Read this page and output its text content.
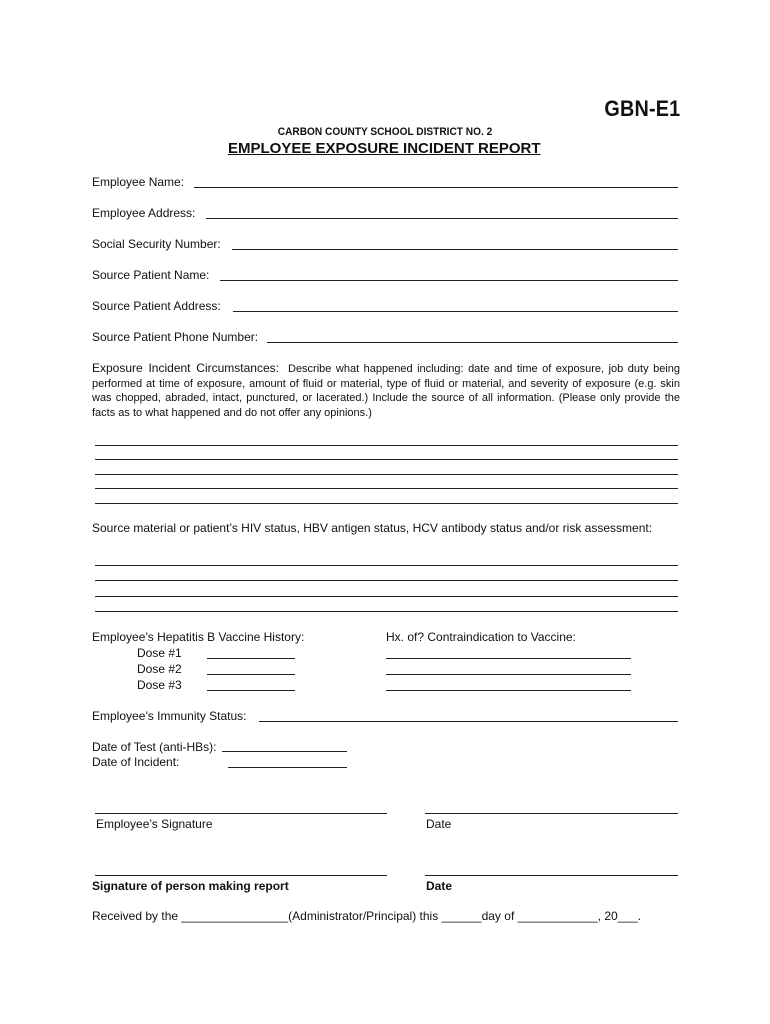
GBN-E1
CARBON COUNTY SCHOOL DISTRICT NO. 2
EMPLOYEE EXPOSURE INCIDENT REPORT
Employee Name:
Employee Address:
Social Security Number:
Source Patient Name:
Source Patient Address:
Source Patient Phone Number:
Exposure Incident Circumstances: Describe what happened including: date and time of exposure, job duty being performed at time of exposure, amount of fluid or material, type of fluid or material, and severity of exposure (e.g. skin was chopped, abraded, intact, punctured, or lacerated.) Include the source of all information. (Please only provide the facts as to what happened and do not offer any opinions.)
Source material or patient’s HIV status, HBV antigen status, HCV antibody status and/or risk assessment:
Employee’s Hepatitis B Vaccine History:
Dose #1
Dose #2
Dose #3
Hx. of? Contraindication to Vaccine:
Employee’s Immunity Status:
Date of Test (anti-HBs):
Date of Incident:
Employee’s Signature	Date
Signature of person making report	Date
Received by the ________________(Administrator/Principal) this ______day of ____________, 20___.
